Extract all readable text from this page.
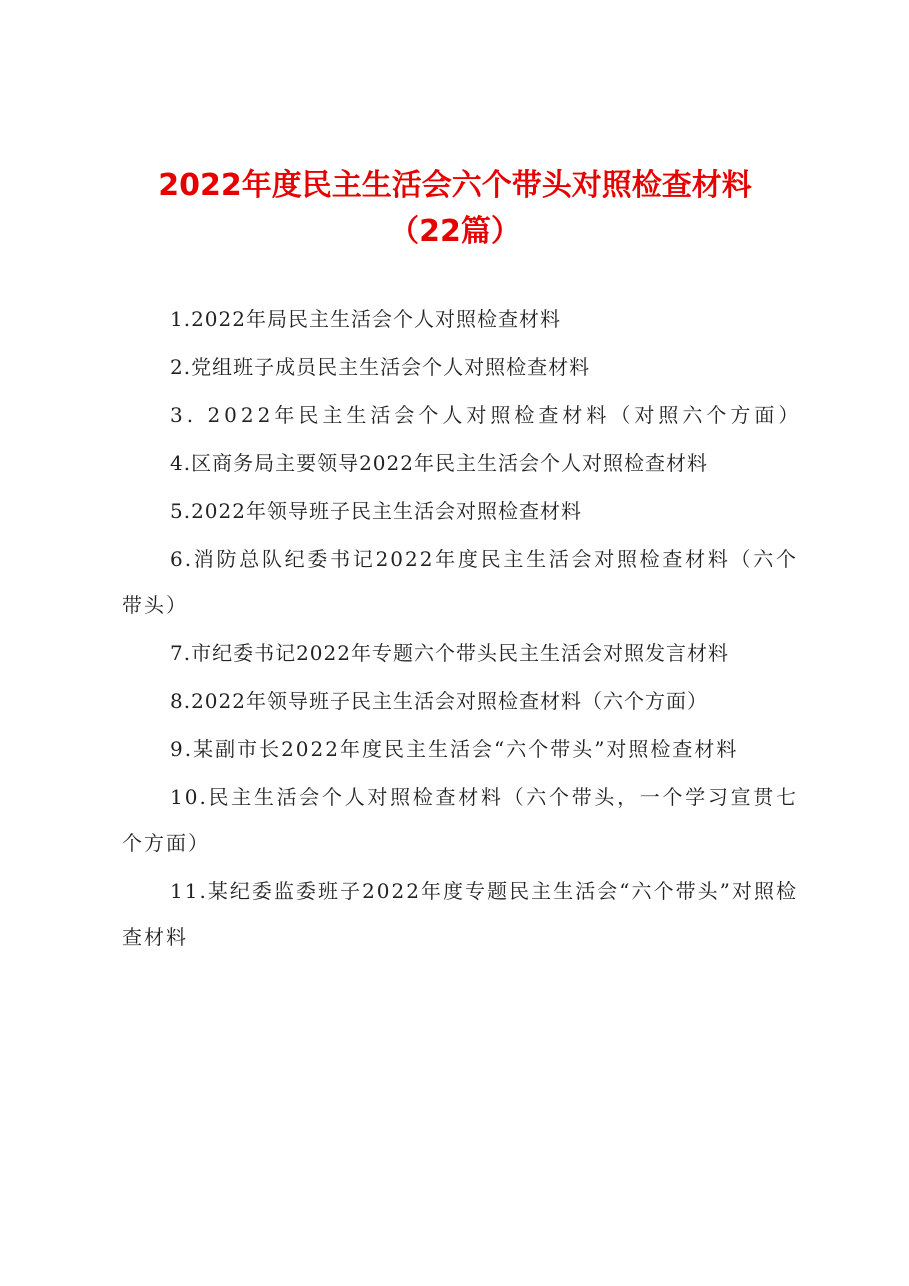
2022年度民主生活会六个带头对照检查材料
（22篇）

1.2022年局民主生活会个人对照检查材料

2.党组班子成员民主生活会个人对照检查材料

3. 2022年民主生活会个人对照检查材料（对照六个方面）

4.区商务局主要领导2022年民主生活会个人对照检查材料

5.2022年领导班子民主生活会对照检查材料

6.消防总队纪委书记2022年度民主生活会对照检查材料（六个带头）

7.市纪委书记2022年专题六个带头民主生活会对照发言材料

8.2022年领导班子民主生活会对照检查材料（六个方面）

9.某副市长2022年度民主生活会“六个带头”对照检查材料

10.民主生活会个人对照检查材料（六个带头，一个学习宣贯七个方面）

11.某纪委监委班子2022年度专题民主生活会“六个带头”对照检查材料
